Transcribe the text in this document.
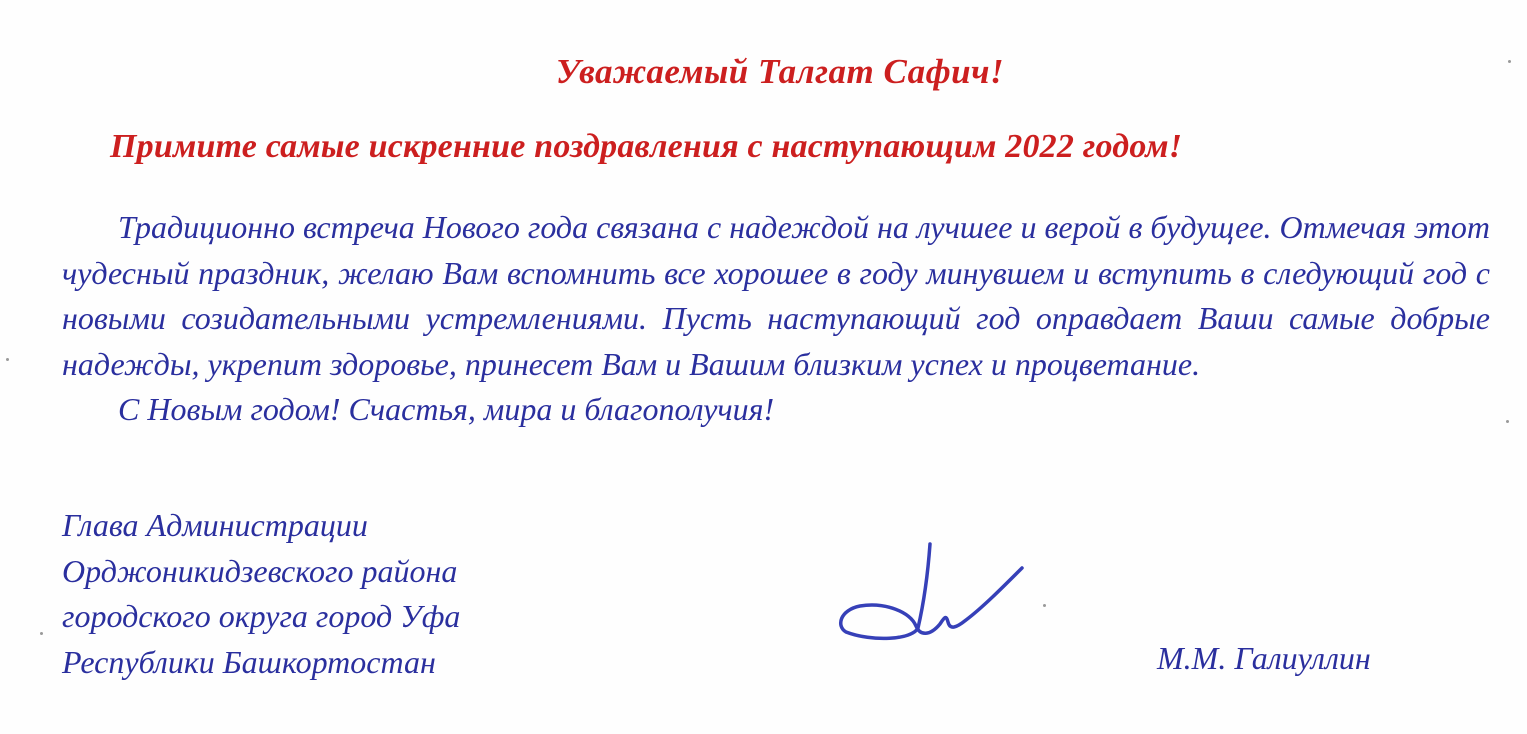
Уважаемый Талгат Сафич!
Примите самые искренние поздравления с наступающим 2022 годом!

Традиционно встреча Нового года связана с надеждой на лучшее и верой в будущее. Отмечая этот чудесный праздник, желаю Вам вспомнить все хорошее в году минувшем и вступить в следующий год с новыми созидательными устремлениями. Пусть наступающий год оправдает Ваши самые добрые надежды, укрепит здоровье, принесет Вам и Вашим близким успех и процветание.

С Новым годом! Счастья, мира и благополучия!

Глава Администрации
Орджоникидзевского района
городского округа город Уфа
Республики Башкортостан	М.М. Галиуллин
